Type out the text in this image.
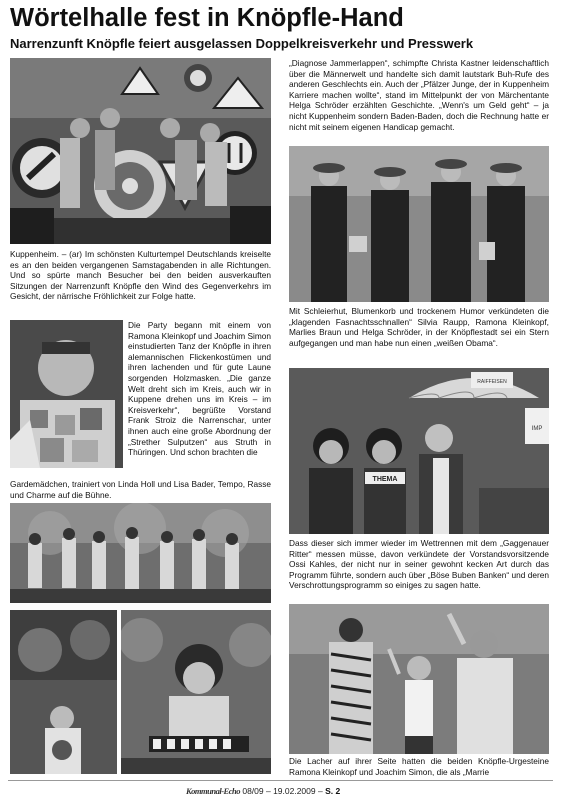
Wörtelhalle fest in Knöpfle-Hand
Narrenzunft Knöpfle feiert ausgelassen Doppelkreisverkehr und Presswerk
Kuppenheim. – (ar) Im schönsten Kulturtempel Deutschlands kreiselte es an den beiden vergangenen Samstagabenden in alle Richtungen. Und so spürte manch Besucher bei den beiden ausverkauften Sitzungen der Narrenzunft Knöpfle den Wind des Gegenverkehrs im Gesicht, der närrische Fröhlichkeit zur Folge hatte.
Die Party begann mit einem von Ramona Kleinkopf und Joachim Simon einstudierten Tanz der Knöpfle in ihren alemannischen Flickenkostümen und ihren lachenden und für gute Laune sorgenden Holzmasken. „Die ganze Welt dreht sich im Kreis, auch wir in Kuppene drehen uns im Kreis – im Kreisverkehr“, begrüßte Vorstand Frank Stroiz die Narrenschar, unter ihnen auch eine große Abordnung der „Strether Sulputzen“ aus Struth in Thüringen. Und schon brachten die
Gardemädchen, trainiert von Linda Holl und Lisa Bader, Tempo, Rasse und Charme auf die Bühne.
„Diagnose Jammerlappen“, schimpfte Christa Kastner leidenschaftlich über die Männerwelt und handelte sich damit lautstark Buh-Rufe des anderen Geschlechts ein. Auch der „Pfälzer Junge, der in Kuppenheim Karriere machen wollte“, stand im Mittelpunkt der von Märchentante Helga Schröder erzählten Geschichte. „Wenn's um Geld geht“ – ja nicht Kuppenheim sondern Baden-Baden, doch die Rechnung hatte er nicht mit seinem eigenen Handicap gemacht.
Mit Schleierhut, Blumenkorb und trockenem Humor verkündeten die „klagenden Fasnachtsschnallen“ Silvia Raupp, Ramona Kleinkopf, Marlies Braun und Helga Schröder, in der Knöpflestadt sei ein Stern aufgegangen und man habe nun einen „weißen Obama“.
RAIFFEISEN
IMP
THEMA
Dass dieser sich immer wieder im Wettrennen mit dem „Gaggenauer Ritter“ messen müsse, davon verkündete der Vorstandsvorsitzende Ossi Kahles, der nicht nur in seiner gewohnt kecken Art durch das Programm führte, sondern auch über „Böse Buben Banken“ und deren Verschrottungsprogramm so einiges zu sagen hatte.
Die Lacher auf ihrer Seite hatten die beiden Knöpfle-Urgesteine Ramona Kleinkopf und Joachim Simon, die als „Marrie
Kommunal-Echo 08/09 – 19.02.2009 – S. 2
